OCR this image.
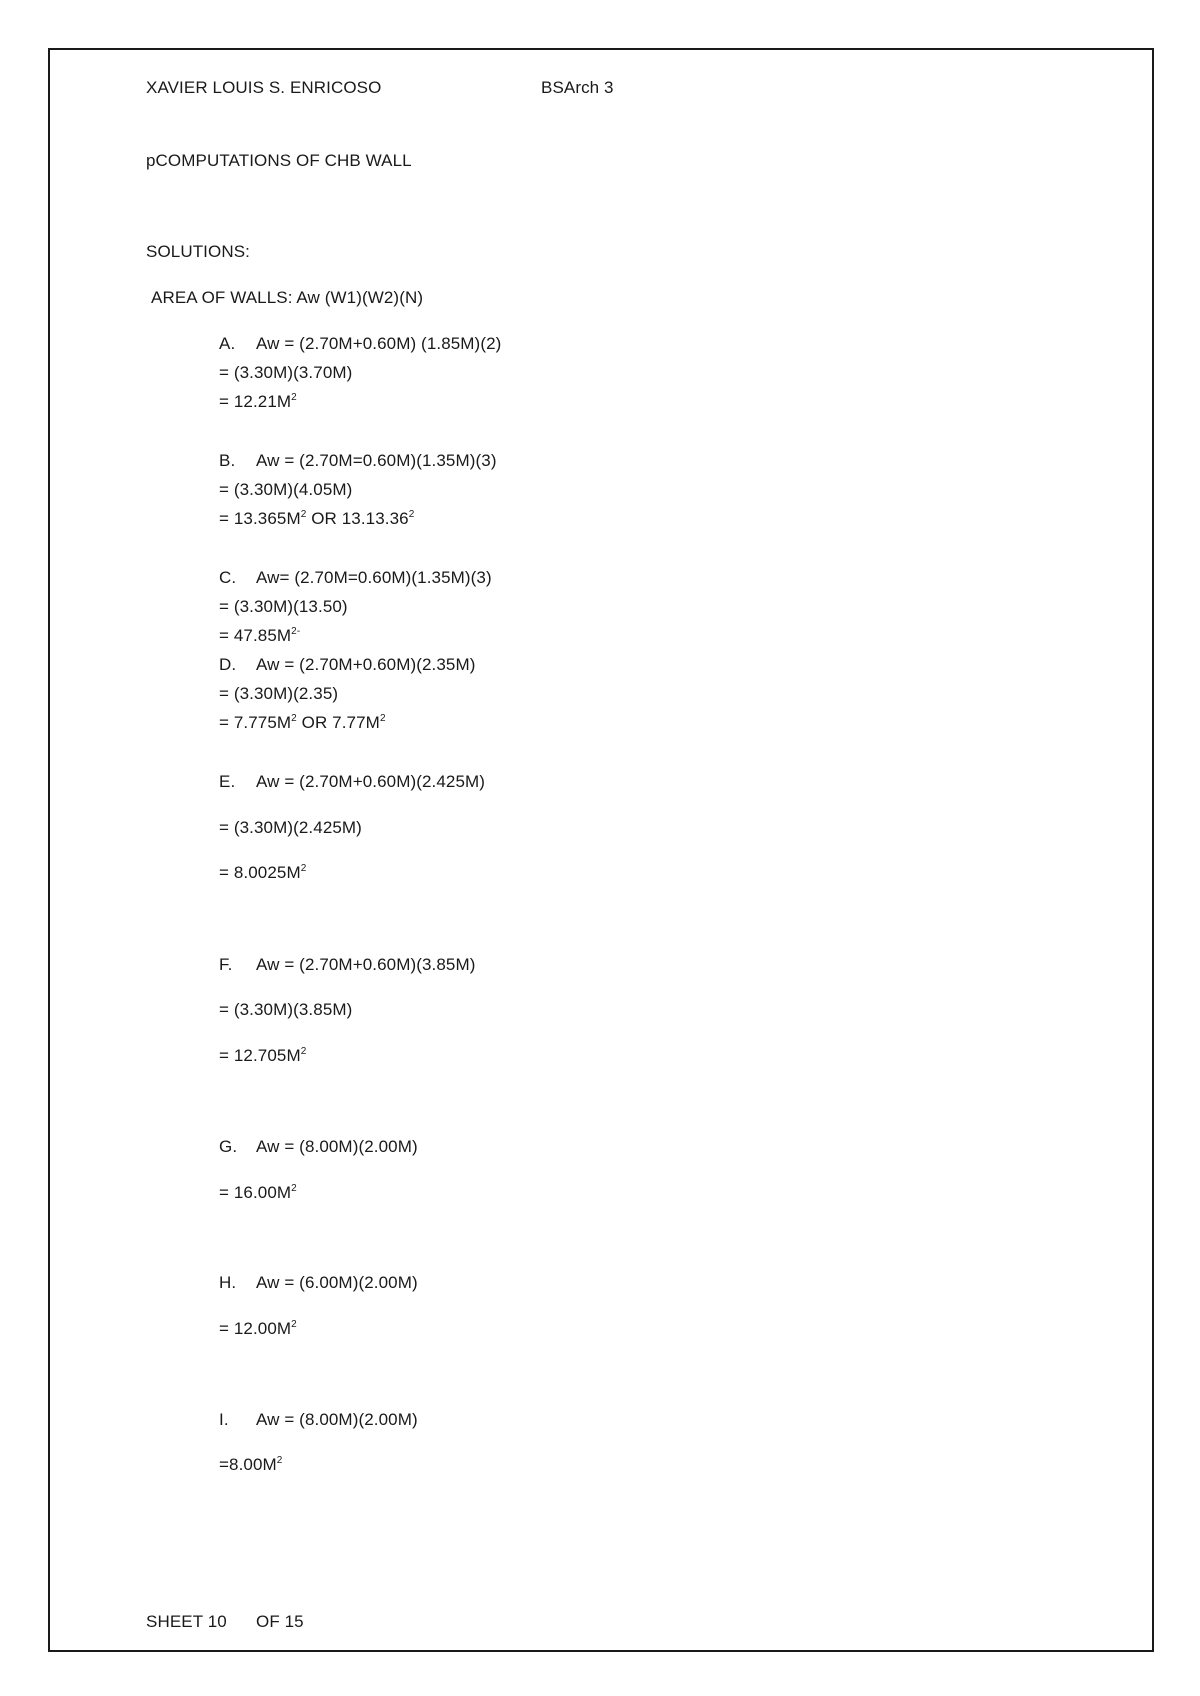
XAVIER LOUIS S. ENRICOSO	BSArch 3
pCOMPUTATIONS OF CHB WALL
SOLUTIONS:
AREA OF WALLS: Aw (W1)(W2)(N)
A. Aw = (2.70M+0.60M) (1.85M)(2)
= (3.30M)(3.70M)
= $12.21M^2$
B. Aw = (2.70M=0.60M)(1.35M)(3)
= (3.30M)(4.05M)
= $13.365M^2$ OR 13.13.36$^2$
C. Aw= (2.70M=0.60M)(1.35M)(3)
= (3.30M)(13.50)
= $47.85M^{2-}$
D. Aw = (2.70M+0.60M)(2.35M)
= (3.30M)(2.35)
= $7.775M^2$ OR $7.77M^2$
E. Aw = (2.70M+0.60M)(2.425M)
= (3.30M)(2.425M)
= $8.0025M^2$
F. Aw = (2.70M+0.60M)(3.85M)
= (3.30M)(3.85M)
= $12.705M^2$
G. Aw = (8.00M)(2.00M)
= $16.00M^2$
H. Aw = (6.00M)(2.00M)
= $12.00M^2$
I. Aw = (8.00M)(2.00M)
$=8.00M^2$
SHEET 10 OF 15
